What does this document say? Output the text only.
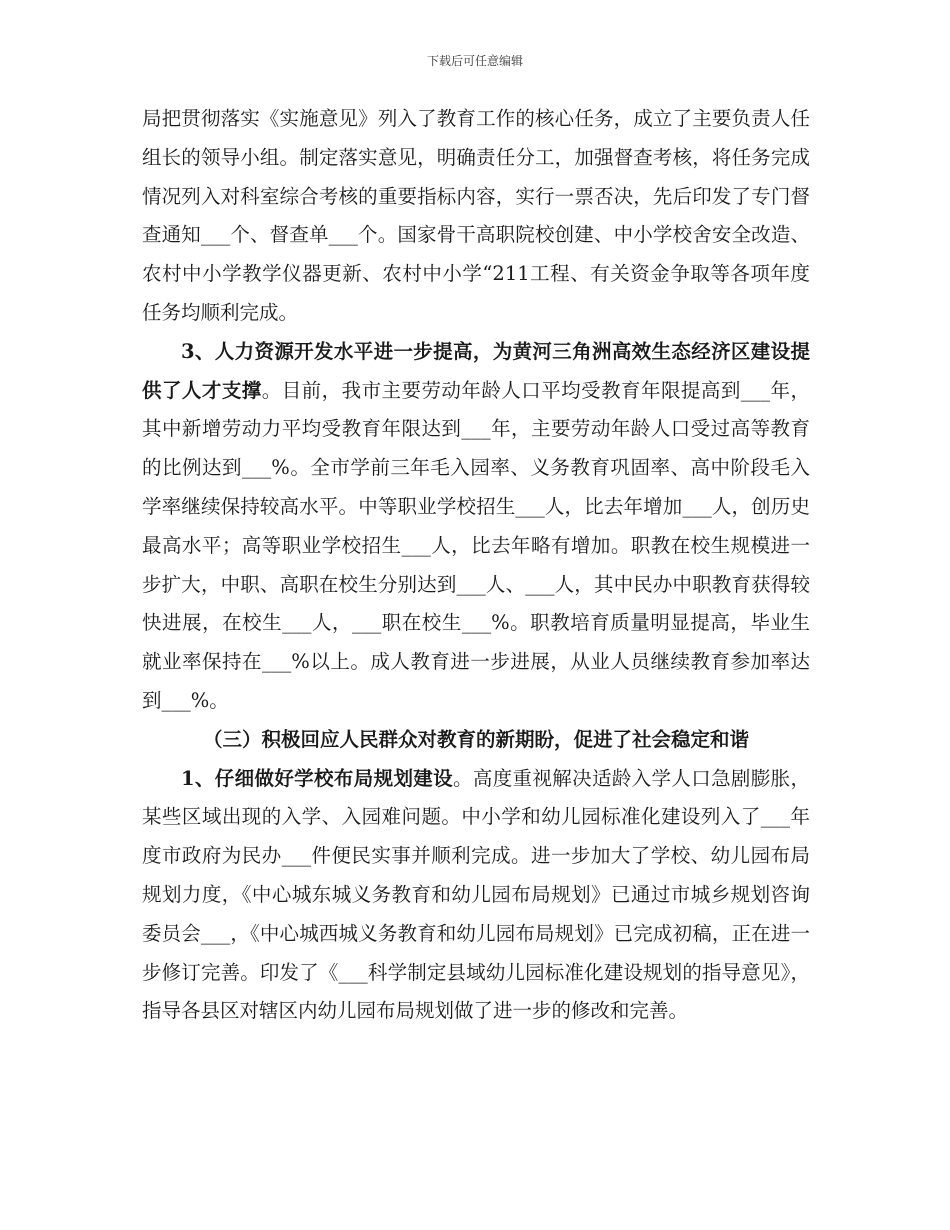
下载后可任意编辑

局把贯彻落实《实施意见》列入了教育工作的核心任务，成立了主要负责人任组长的领导小组。制定落实意见，明确责任分工，加强督查考核，将任务完成情况列入对科室综合考核的重要指标内容，实行一票否决，先后印发了专门督查通知___个、督查单___个。国家骨干高职院校创建、中小学校舍安全改造、农村中小学教学仪器更新、农村中小学“211工程、有关资金争取等各项年度任务均顺利完成。

3、人力资源开发水平进一步提高，为黄河三角洲高效生态经济区建设提供了人才支撑。目前，我市主要劳动年龄人口平均受教育年限提高到___年，其中新增劳动力平均受教育年限达到___年，主要劳动年龄人口受过高等教育的比例达到___%。全市学前三年毛入园率、义务教育巩固率、高中阶段毛入学率继续保持较高水平。中等职业学校招生___人，比去年增加___人，创历史最高水平；高等职业学校招生___人，比去年略有增加。职教在校生规模进一步扩大，中职、高职在校生分别达到___人、___人，其中民办中职教育获得较快进展，在校生___人，___职在校生___%。职教培育质量明显提高，毕业生就业率保持在___%以上。成人教育进一步进展，从业人员继续教育参加率达到___%。

（三）积极回应人民群众对教育的新期盼，促进了社会稳定和谐

1、仔细做好学校布局规划建设。高度重视解决适龄入学人口急剧膨胀，某些区域出现的入学、入园难问题。中小学和幼儿园标准化建设列入了___年度市政府为民办___件便民实事并顺利完成。进一步加大了学校、幼儿园布局规划力度，《中心城东城义务教育和幼儿园布局规划》已通过市城乡规划咨询委员会___，《中心城西城义务教育和幼儿园布局规划》已完成初稿，正在进一步修订完善。印发了《___科学制定县域幼儿园标准化建设规划的指导意见》，指导各县区对辖区内幼儿园布局规划做了进一步的修改和完善。
